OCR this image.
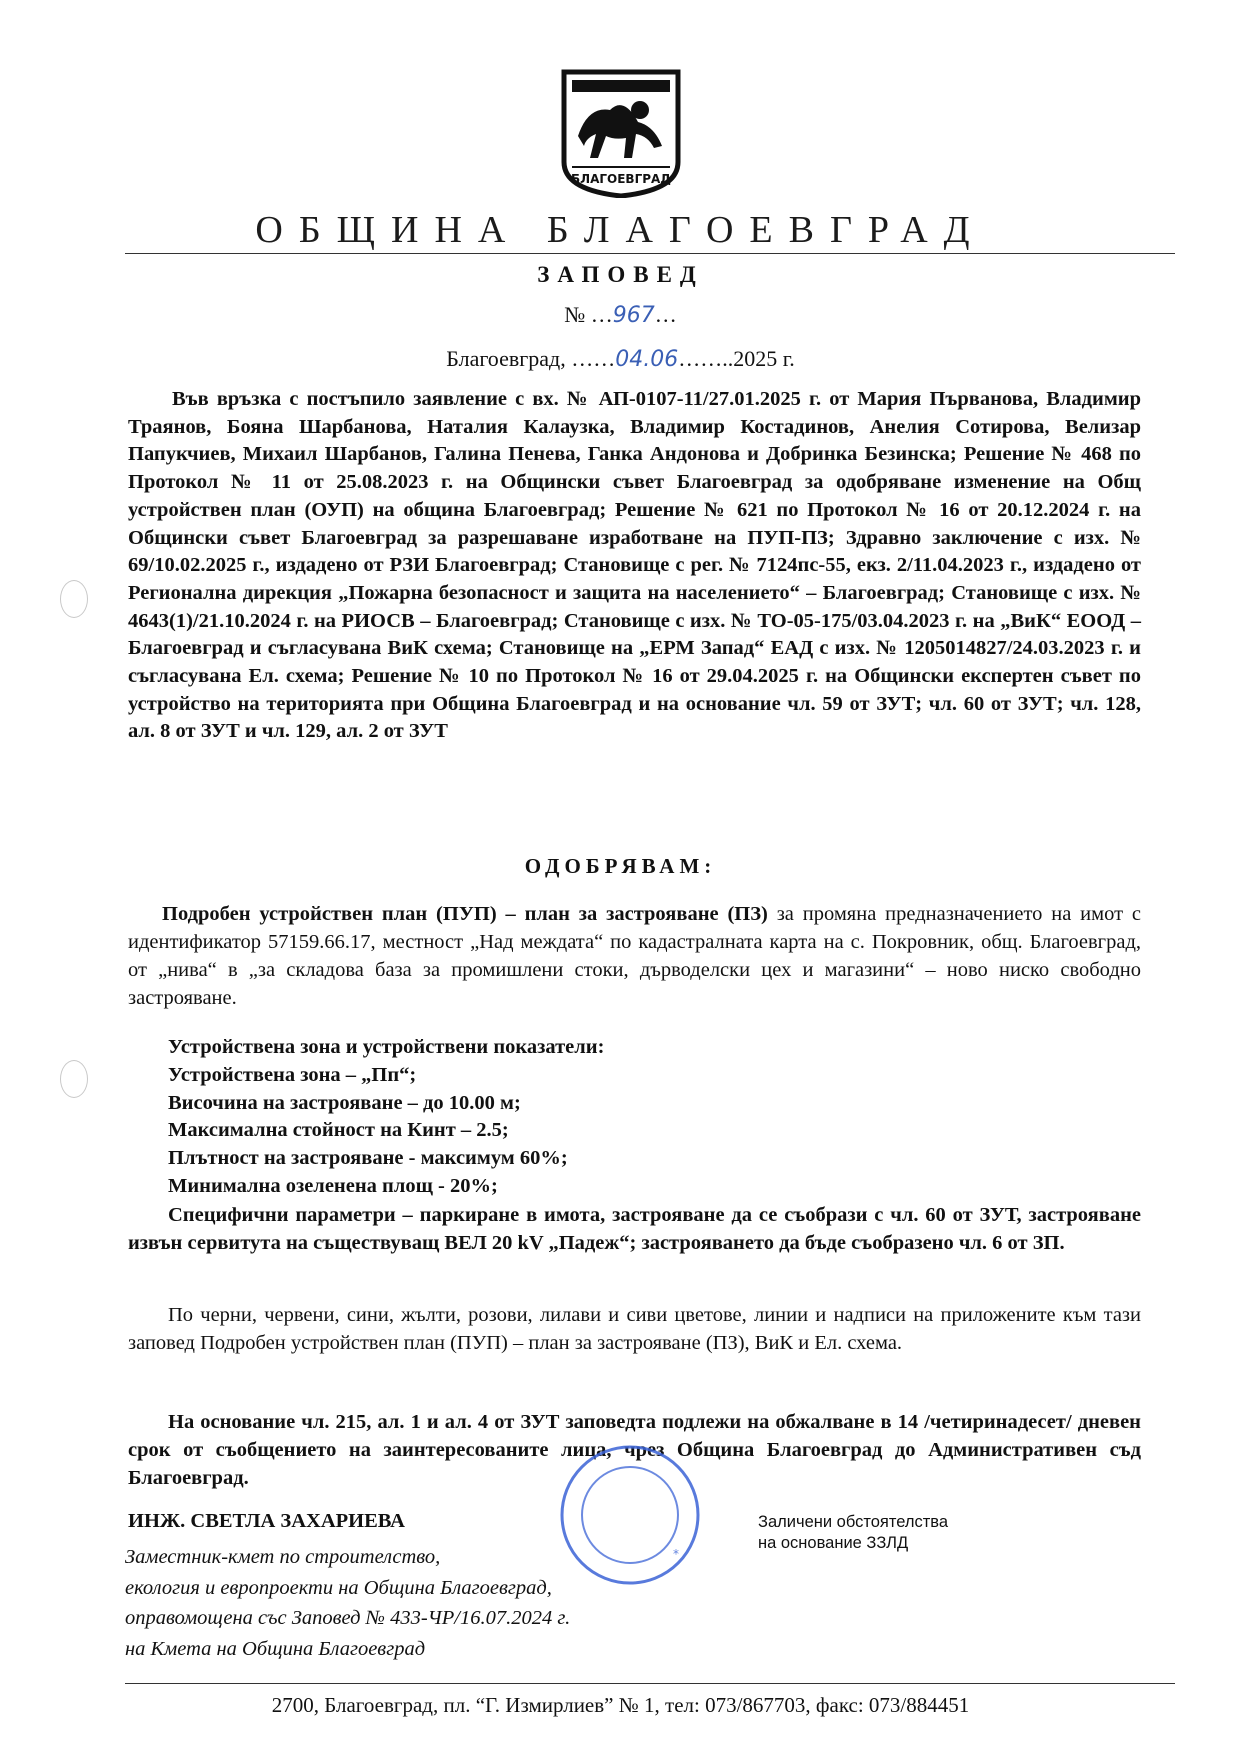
БЛАГОЕВГРАД
ОБЩИНА БЛАГОЕВГРАД
ЗАПОВЕД
№ …967…
Благоевград, ……04.06……..2025 г.
Във връзка с постъпило заявление с вх. № АП-0107-11/27.01.2025 г. от Мария Първанова, Владимир Траянов, Бояна Шарбанова, Наталия Калаузка, Владимир Костадинов, Анелия Сотирова, Велизар Папукчиев, Михаил Шарбанов, Галина Пенева, Ганка Андонова и Добринка Безинска; Решение № 468 по Протокол № 11 от 25.08.2023 г. на Общински съвет Благоевград за одобряване изменение на Общ устройствен план (ОУП) на община Благоевград; Решение № 621 по Протокол № 16 от 20.12.2024 г. на Общински съвет Благоевград за разрешаване изработване на ПУП-ПЗ; Здравно заключение с изх. № 69/10.02.2025 г., издадено от РЗИ Благоевград; Становище с рег. № 7124пс-55, екз. 2/11.04.2023 г., издадено от Регионална дирекция „Пожарна безопасност и защита на населението“ – Благоевград; Становище с изх. № 4643(1)/21.10.2024 г. на РИОСВ – Благоевград; Становище с изх. № ТО-05-175/03.04.2023 г. на „ВиК“ ЕООД – Благоевград и съгласувана ВиК схема; Становище на „ЕРМ Запад“ ЕАД с изх. № 1205014827/24.03.2023 г. и съгласувана Ел. схема; Решение № 10 по Протокол № 16 от 29.04.2025 г. на Общински експертен съвет по устройство на територията при Община Благоевград и на основание чл. 59 от ЗУТ; чл. 60 от ЗУТ; чл. 128, ал. 8 от ЗУТ и чл. 129, ал. 2 от ЗУТ
ОДОБРЯВАМ:
Подробен устройствен план (ПУП) – план за застрояване (ПЗ) за промяна предназначението на имот с идентификатор 57159.66.17, местност „Над междата“ по кадастралната карта на с. Покровник, общ. Благоевград, от „нива“ в „за складова база за промишлени стоки, дърводелски цех и магазини“ – ново ниско свободно застрояване.
Устройствена зона и устройствени показатели:
Устройствена зона – „Пп“;
Височина на застрояване – до 10.00 м;
Максимална стойност на Кинт – 2.5;
Плътност на застрояване - максимум 60%;
Минимална озеленена площ - 20%;
Специфични параметри – паркиране в имота, застрояване да се съобрази с чл. 60 от ЗУТ, застрояване извън сервитута на съществуващ ВЕЛ 20 kV „Падеж“; застрояването да бъде съобразено чл. 6 от ЗП.
По черни, червени, сини, жълти, розови, лилави и сиви цветове, линии и надписи на приложените към тази заповед Подробен устройствен план (ПУП) – план за застрояване (ПЗ), ВиК и Ел. схема.
На основание чл. 215, ал. 1 и ал. 4 от ЗУТ заповедта подлежи на обжалване в 14 /четиринадесет/ дневен срок от съобщението на заинтересованите лица, чрез Община Благоевград до Административен съд Благоевград.
*
ИНЖ. СВЕТЛА ЗАХАРИЕВА
Заместник-кмет по строителство,
екология и европроекти на Община Благоевград,
оправомощена със Заповед № 433-ЧР/16.07.2024 г.
на Кмета на Община Благоевград
Заличени обстоятелства
на основание ЗЗЛД
2700, Благоевград, пл. “Г. Измирлиев” № 1, тел: 073/867703, факс: 073/884451
